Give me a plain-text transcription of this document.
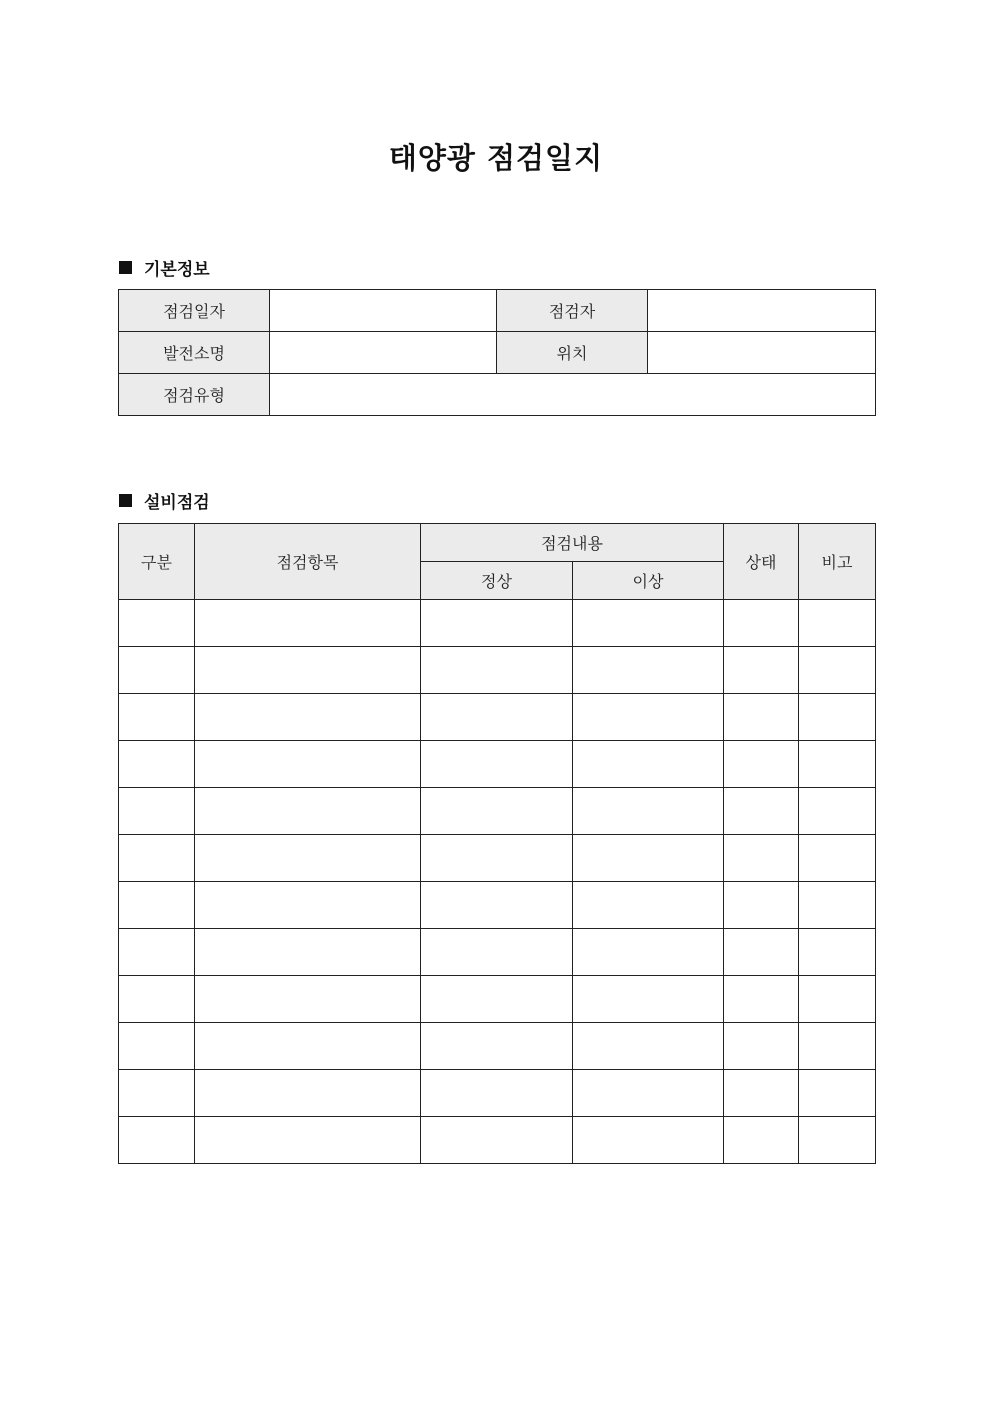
태양광 점검일지
기본정보
점검일자		점검자	
발전소명		위치	
점검유형			
설비점검
구분	점검항목	점검내용		상태	비고
		정상	이상		
